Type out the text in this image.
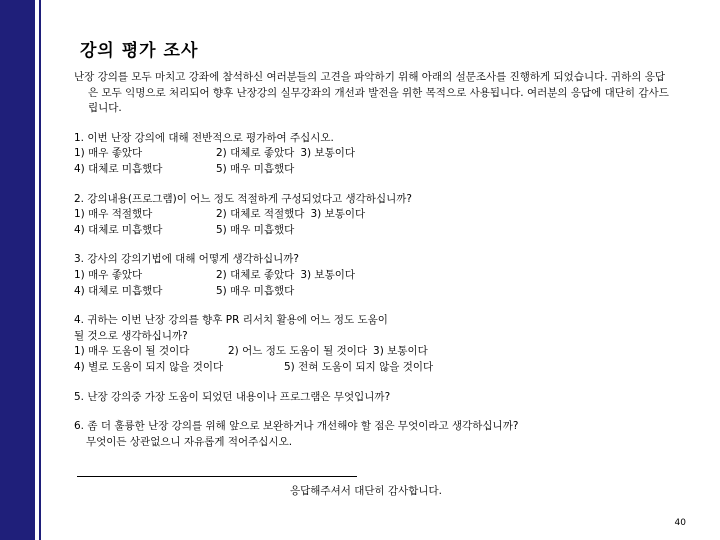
강의 평가 조사

난장 강의를 모두 마치고 강좌에 참석하신 여러분들의 고견을 파악하기 위해 아래의 설문조사를 진행하게 되었습니다. 귀하의 응답은 모두 익명으로 처리되어 향후 난장강의 실무강좌의 개선과 발전을 위한 목적으로 사용됩니다. 여러분의 응답에 대단히 감사드립니다.

1. 이번 난장 강의에 대해 전반적으로 평가하여 주십시오.

1) 매우 좋았다	2) 대체로 좋았다 3) 보통이다
4) 대체로 미흡했다	5) 매우 미흡했다

2. 강의내용(프로그램)이 어느 정도 적절하게 구성되었다고 생각하십니까?

1) 매우 적절했다	2) 대체로 적절했다 3) 보통이다
4) 대체로 미흡했다	5) 매우 미흡했다

3. 강사의 강의기법에 대해 어떻게 생각하십니까?

1) 매우 좋았다	2) 대체로 좋았다 3) 보통이다
4) 대체로 미흡했다	5) 매우 미흡했다

4. 귀하는 이번 난장 강의를 향후 PR 리서치 활용에 어느 정도 도움이

될 것으로 생각하십니까?

1) 매우 도움이 될 것이다	2) 어느 정도 도움이 될 것이다 3) 보통이다
4) 별로 도움이 되지 않을 것이다	5) 전혀 도움이 되지 않을 것이다

5. 난장 강의중 가장 도움이 되었던 내용이나 프로그램은 무엇입니까?

6. 좀 더 훌륭한 난장 강의를 위해 앞으로 보완하거나 개선해야 할 점은 무엇이라고 생각하십니까?

무엇이든 상관없으니 자유롭게 적어주십시오.

응답해주셔서 대단히 감사합니다.

40
